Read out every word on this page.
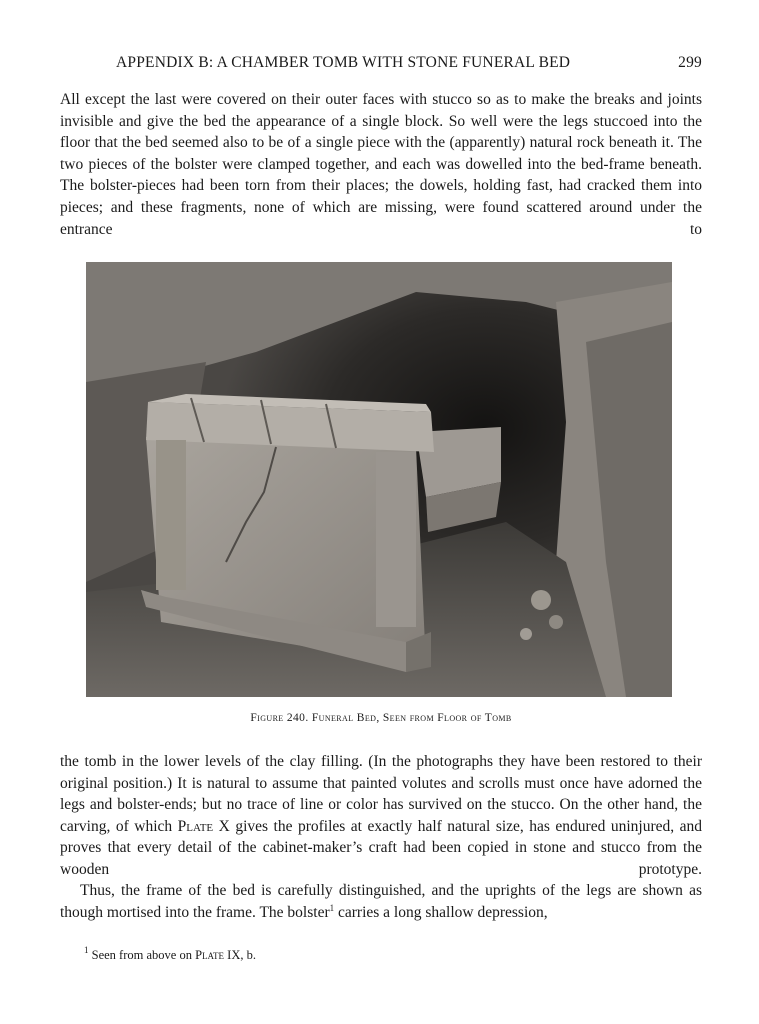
APPENDIX B: A CHAMBER TOMB WITH STONE FUNERAL BED	299
All except the last were covered on their outer faces with stucco so as to make the breaks and joints invisible and give the bed the appearance of a single block. So well were the legs stuccoed into the floor that the bed seemed also to be of a single piece with the (apparently) natural rock beneath it. The two pieces of the bolster were clamped together, and each was dowelled into the bed-frame beneath. The bolster-pieces had been torn from their places; the dowels, holding fast, had cracked them into pieces; and these fragments, none of which are missing, were found scattered around under the entrance to
Figure 240. Funeral Bed, Seen from Floor of Tomb
the tomb in the lower levels of the clay filling. (In the photographs they have been restored to their original position.) It is natural to assume that painted volutes and scrolls must once have adorned the legs and bolster-ends; but no trace of line or color has survived on the stucco. On the other hand, the carving, of which Plate X gives the profiles at exactly half natural size, has endured uninjured, and proves that every detail of the cabinet-maker’s craft had been copied in stone and stucco from the wooden prototype.
Thus, the frame of the bed is carefully distinguished, and the uprights of the legs are shown as though mortised into the frame. The bolster$^1$ carries a long shallow depression,
$^1$ Seen from above on Plate IX, b.
